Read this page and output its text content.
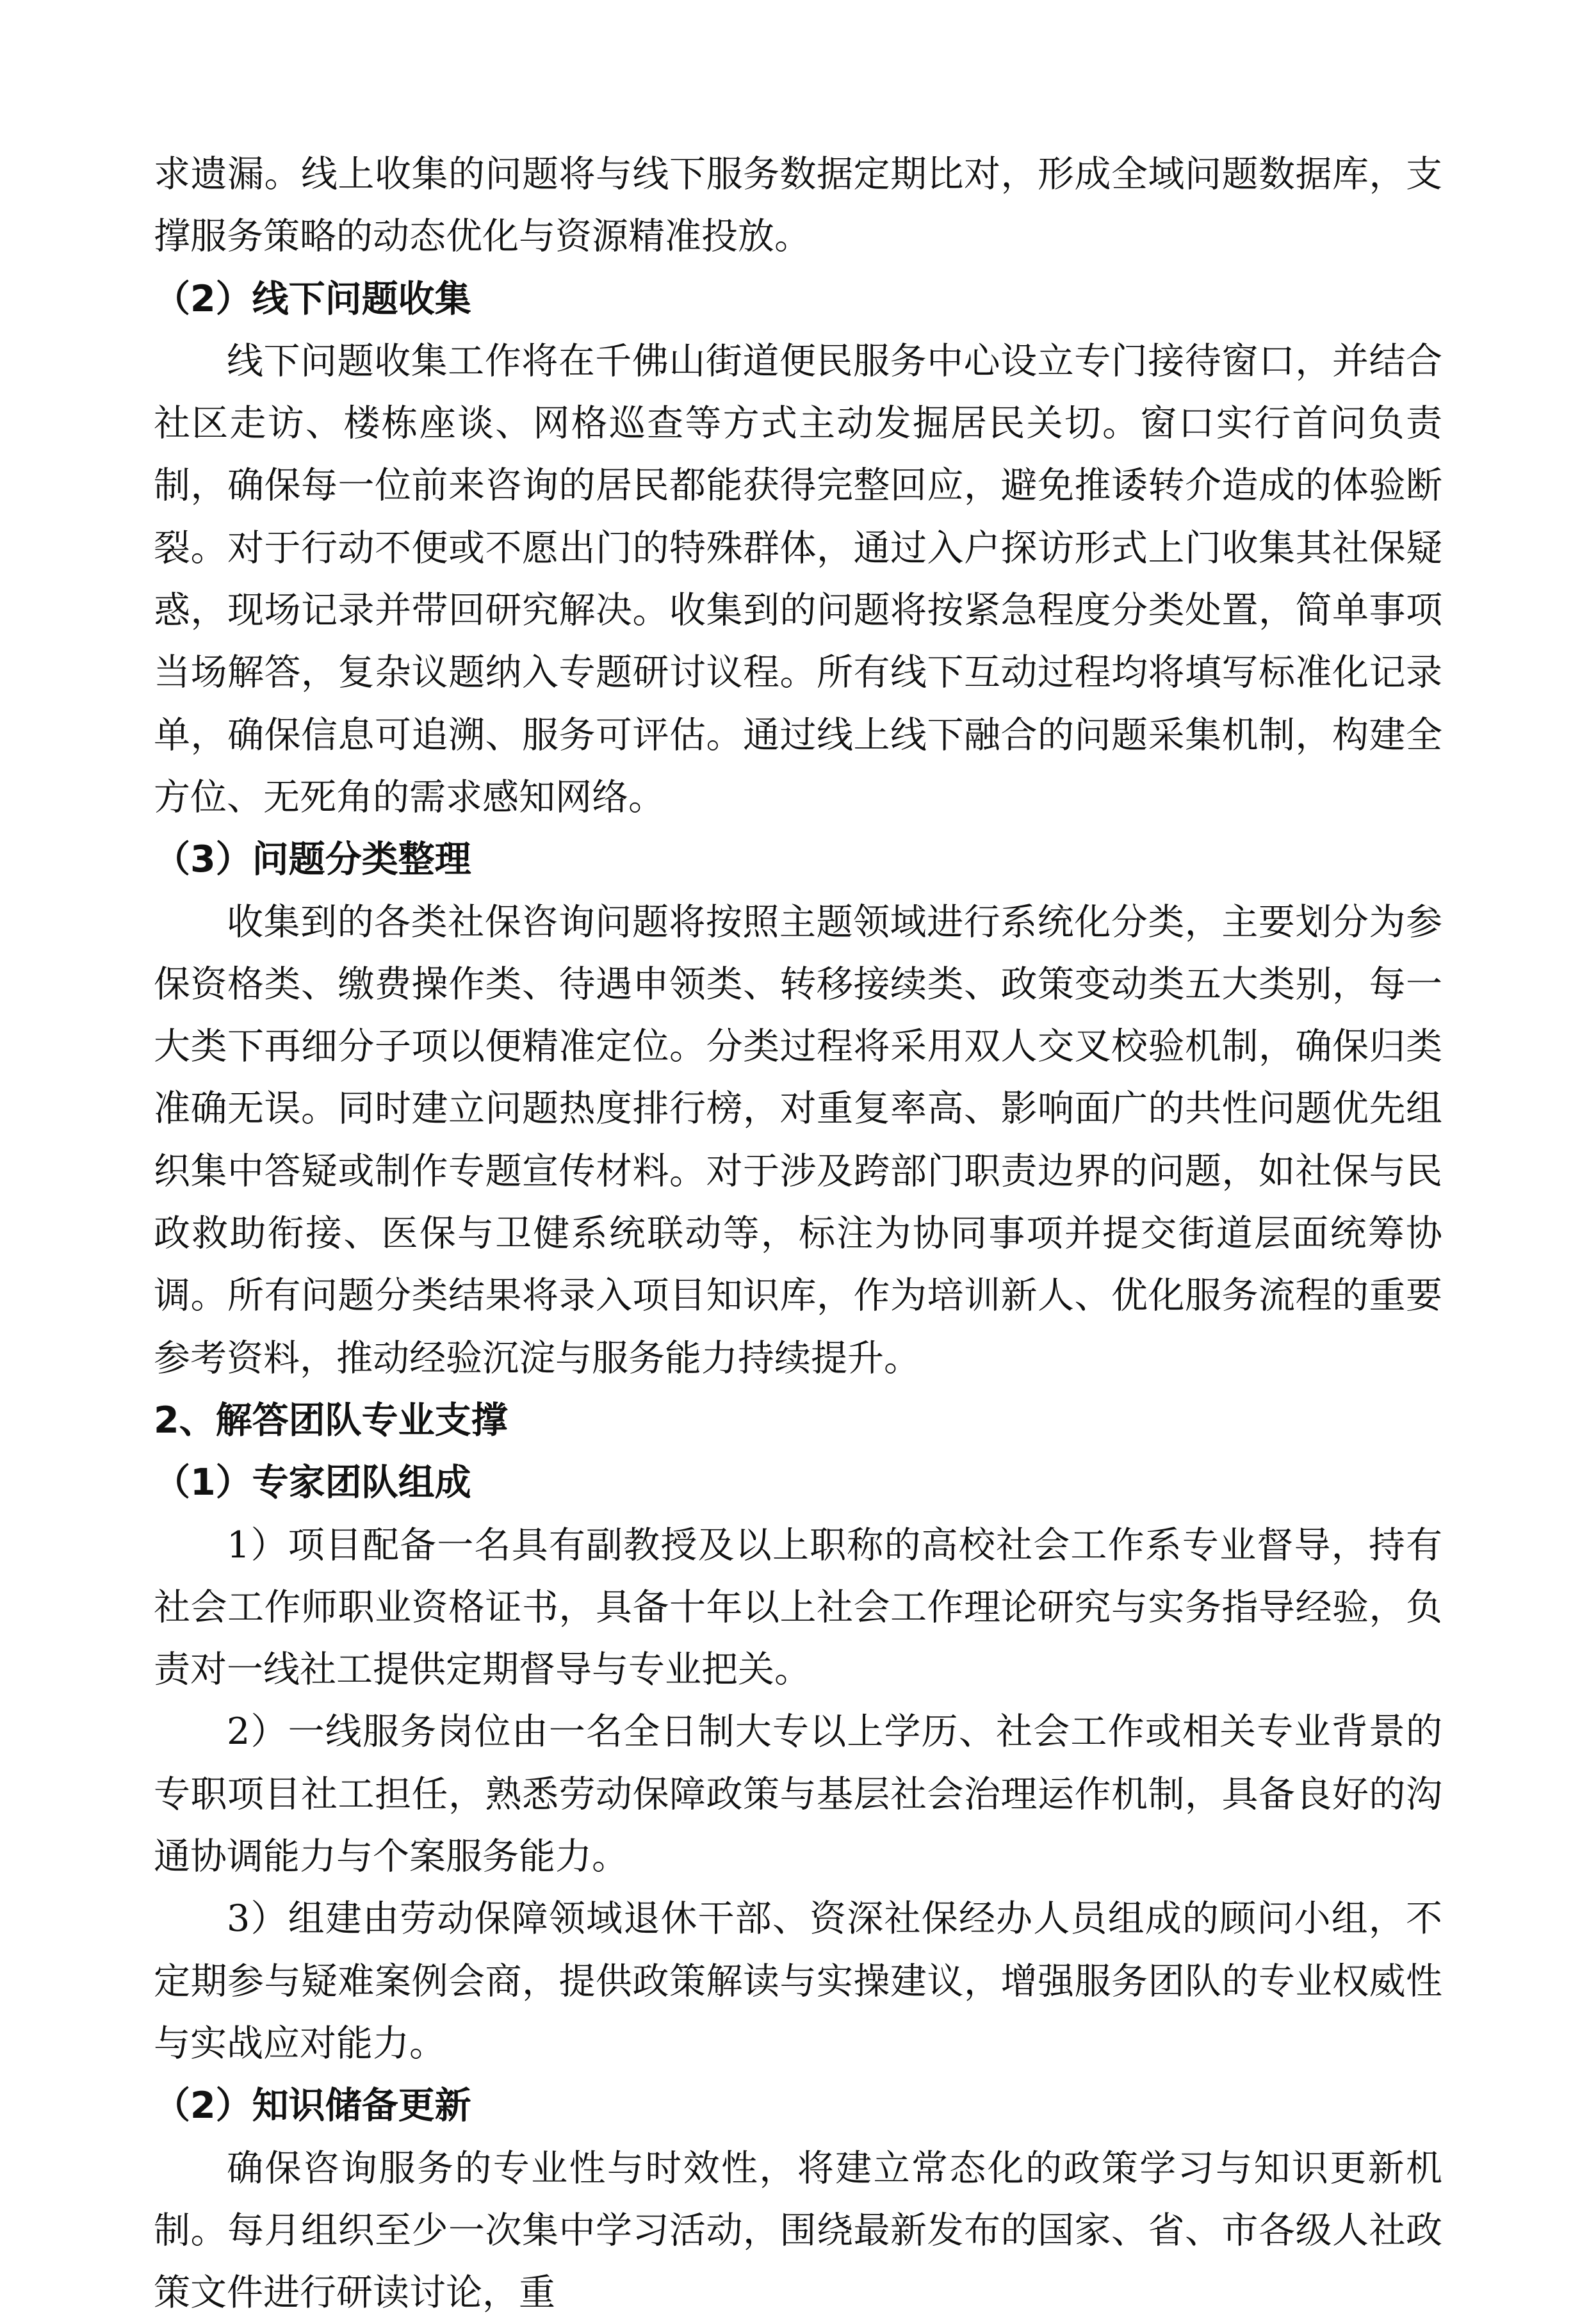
求遗漏。线上收集的问题将与线下服务数据定期比对，形成全域问题数据库，支撑服务策略的动态优化与资源精准投放。

（2）线下问题收集

线下问题收集工作将在千佛山街道便民服务中心设立专门接待窗口，并结合社区走访、楼栋座谈、网格巡查等方式主动发掘居民关切。窗口实行首问负责制，确保每一位前来咨询的居民都能获得完整回应，避免推诿转介造成的体验断裂。对于行动不便或不愿出门的特殊群体，通过入户探访形式上门收集其社保疑惑，现场记录并带回研究解决。收集到的问题将按紧急程度分类处置，简单事项当场解答，复杂议题纳入专题研讨议程。所有线下互动过程均将填写标准化记录单，确保信息可追溯、服务可评估。通过线上线下融合的问题采集机制，构建全方位、无死角的需求感知网络。

（3）问题分类整理

收集到的各类社保咨询问题将按照主题领域进行系统化分类，主要划分为参保资格类、缴费操作类、待遇申领类、转移接续类、政策变动类五大类别，每一大类下再细分子项以便精准定位。分类过程将采用双人交叉校验机制，确保归类准确无误。同时建立问题热度排行榜，对重复率高、影响面广的共性问题优先组织集中答疑或制作专题宣传材料。对于涉及跨部门职责边界的问题，如社保与民政救助衔接、医保与卫健系统联动等，标注为协同事项并提交街道层面统筹协调。所有问题分类结果将录入项目知识库，作为培训新人、优化服务流程的重要参考资料，推动经验沉淀与服务能力持续提升。

2、解答团队专业支撑

（1）专家团队组成

1）项目配备一名具有副教授及以上职称的高校社会工作系专业督导，持有社会工作师职业资格证书，具备十年以上社会工作理论研究与实务指导经验，负责对一线社工提供定期督导与专业把关。

2）一线服务岗位由一名全日制大专以上学历、社会工作或相关专业背景的专职项目社工担任，熟悉劳动保障政策与基层社会治理运作机制，具备良好的沟通协调能力与个案服务能力。

3）组建由劳动保障领域退休干部、资深社保经办人员组成的顾问小组，不定期参与疑难案例会商，提供政策解读与实操建议，增强服务团队的专业权威性与实战应对能力。

（2）知识储备更新

确保咨询服务的专业性与时效性，将建立常态化的政策学习与知识更新机制。每月组织至少一次集中学习活动，围绕最新发布的国家、省、市各级人社政策文件进行研读讨论，重
